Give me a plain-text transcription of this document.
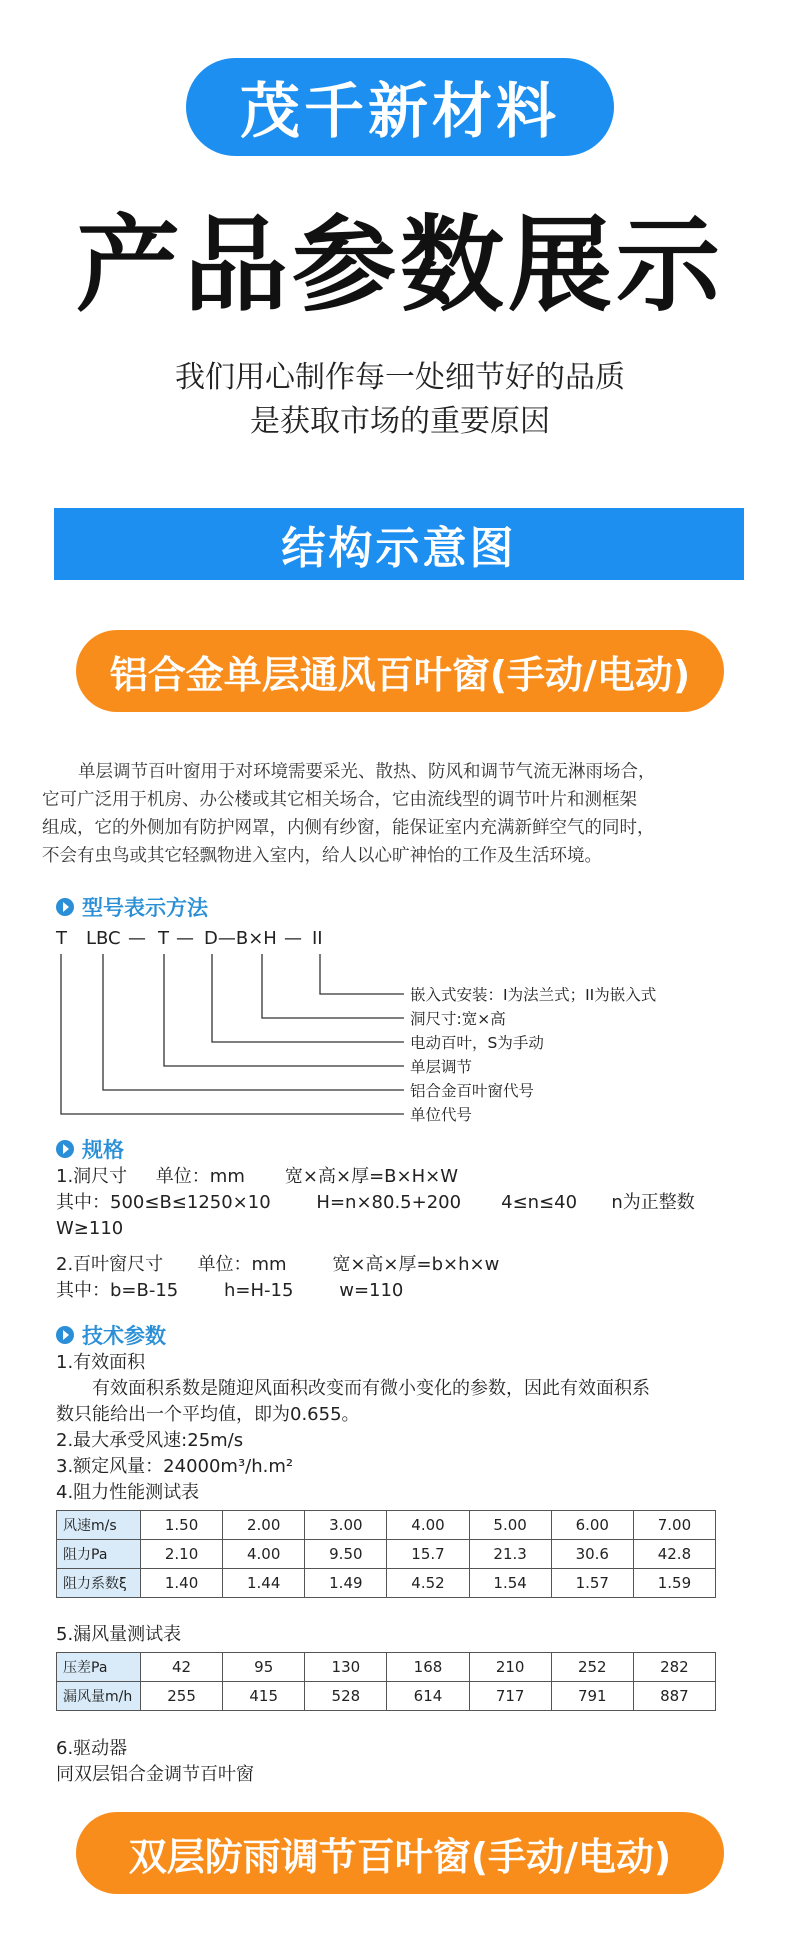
茂千新材料
产品参数展示
我们用心制作每一处细节好的品质
是获取市场的重要原因
结构示意图
铝合金单层通风百叶窗(手动/电动)
单层调节百叶窗用于对环境需要采光、散热、防风和调节气流无淋雨场合，
它可广泛用于机房、办公楼或其它相关场合，它由流线型的调节叶片和测框架
组成，它的外侧加有防护网罩，内侧有纱窗，能保证室内充满新鲜空气的同时，
不会有虫鸟或其它轻飘物进入室内，给人以心旷神怡的工作及生活环境。
型号表示方法
T LBC — T — D—B×H — II
嵌入式安装：I为法兰式；II为嵌入式
洞尺寸:宽×高
电动百叶，S为手动
单层调节
铝合金百叶窗代号
单位代号
规格
1.洞尺寸     单位：mm       宽×高×厚=B×H×W
其中：500≤B≤1250×10        H=n×80.5+200       4≤n≤40      n为正整数
W≥110
2.百叶窗尺寸      单位：mm        宽×高×厚=b×h×w
其中：b=B-15        h=H-15        w=110
技术参数
1.有效面积
有效面积系数是随迎风面积改变而有微小变化的参数，因此有效面积系
数只能给出一个平均值，即为0.655。
2.最大承受风速:25m/s
3.额定风量：24000m³/h.m²
4.阻力性能测试表
风速m/s	1.50	2.00	3.00	4.00	5.00	6.00	7.00
阻力Pa	2.10	4.00	9.50	15.7	21.3	30.6	42.8
阻力系数ξ	1.40	1.44	1.49	4.52	1.54	1.57	1.59
5.漏风量测试表
压差Pa	42	95	130	168	210	252	282
漏风量m/h	255	415	528	614	717	791	887
6.驱动器
同双层铝合金调节百叶窗
双层防雨调节百叶窗(手动/电动)
